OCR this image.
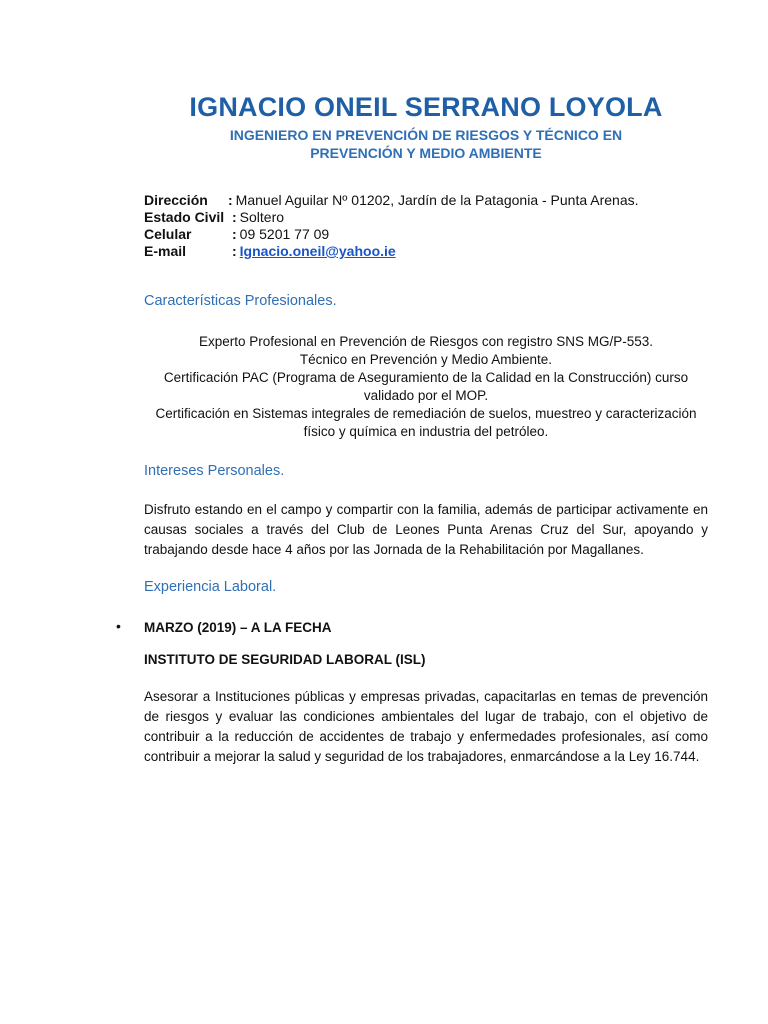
IGNACIO ONEIL SERRANO LOYOLA
INGENIERO EN PREVENCIÓN DE RIESGOS Y TÉCNICO EN
PREVENCIÓN Y MEDIO AMBIENTE
Dirección	: Manuel Aguilar Nº 01202, Jardín de la Patagonia - Punta Arenas.
Estado Civil : Soltero
Celular	: 09 5201 77 09
E-mail	: Ignacio.oneil@yahoo.ie
Características Profesionales.
Experto Profesional en Prevención de Riesgos con registro SNS MG/P-553.
Técnico en Prevención y Medio Ambiente.
Certificación PAC (Programa de Aseguramiento de la Calidad en la Construcción) curso
validado por el MOP.
Certificación en Sistemas integrales de remediación de suelos, muestreo y caracterización
físico y química en industria del petróleo.
Intereses Personales.
Disfruto estando en el campo y compartir con la familia, además de participar activamente en
causas sociales a través del Club de Leones Punta Arenas Cruz del Sur, apoyando y
trabajando desde hace 4 años por las Jornada de la Rehabilitación por Magallanes.
Experiencia Laboral.
• MARZO (2019) – A LA FECHA
INSTITUTO DE SEGURIDAD LABORAL (ISL)
Asesorar a Instituciones públicas y empresas privadas, capacitarlas en temas de prevención
de riesgos y evaluar las condiciones ambientales del lugar de trabajo, con el objetivo de
contribuir a la reducción de accidentes de trabajo y enfermedades profesionales, así como
contribuir a mejorar la salud y seguridad de los trabajadores, enmarcándose a la Ley 16.744.
